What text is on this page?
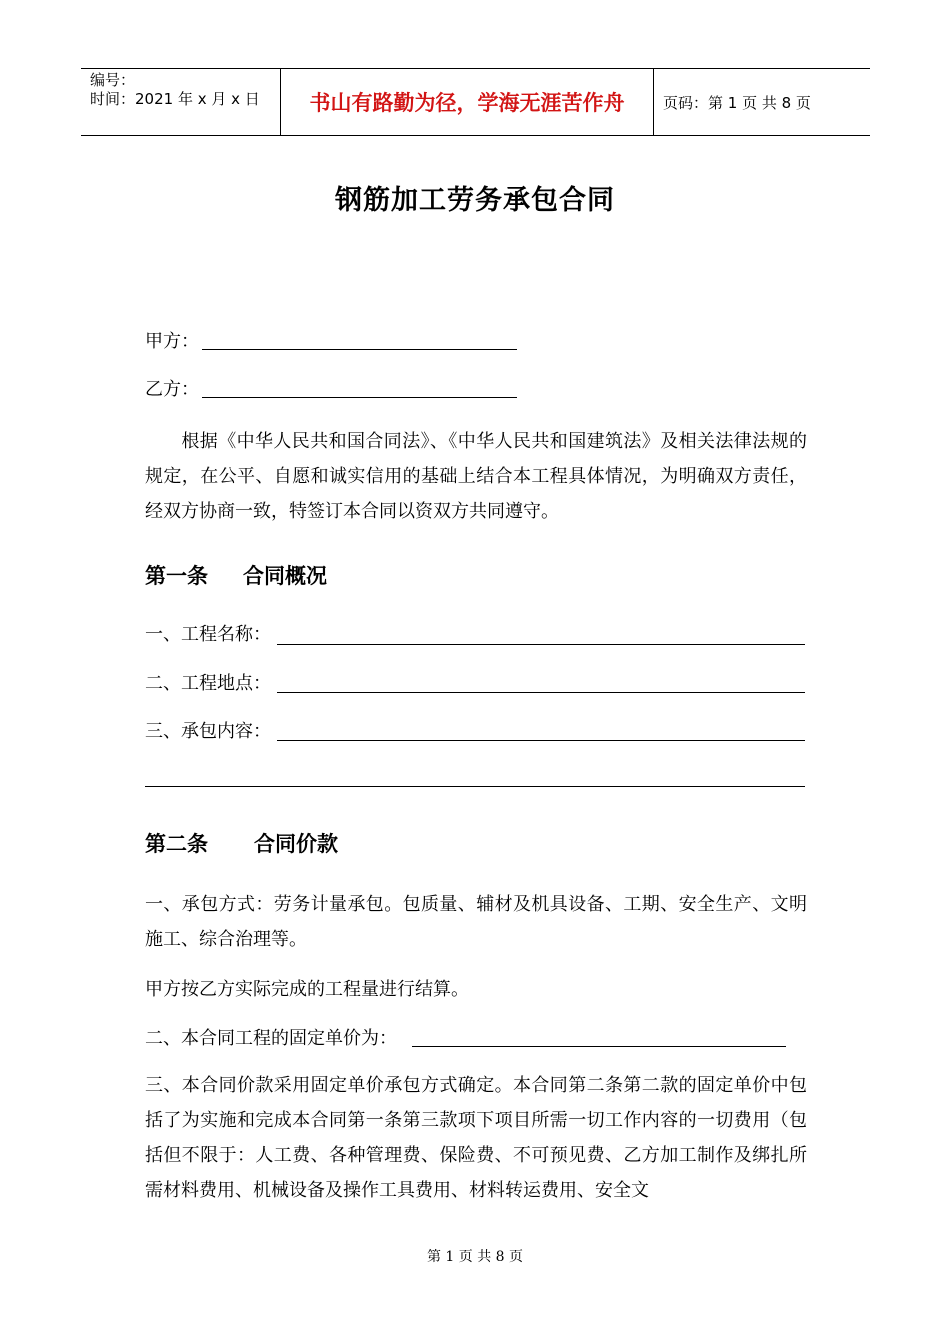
编号：
时间：2021 年 x 月 x 日	书山有路勤为径，学海无涯苦作舟	页码：第 1 页 共 8 页
钢筋加工劳务承包合同
甲方：
乙方：
根据《中华人民共和国合同法》、《中华人民共和国建筑法》及相关法律法规的规定，在公平、自愿和诚实信用的基础上结合本工程具体情况，为明确双方责任，经双方协商一致，特签订本合同以资双方共同遵守。
第一条 合同概况
一、工程名称：
二、工程地点：
三、承包内容：
第二条 合同价款
一、承包方式：劳务计量承包。包质量、辅材及机具设备、工期、安全生产、文明施工、综合治理等。
甲方按乙方实际完成的工程量进行结算。
二、本合同工程的固定单价为：
三、本合同价款采用固定单价承包方式确定。本合同第二条第二款的固定单价中包括了为实施和完成本合同第一条第三款项下项目所需一切工作内容的一切费用（包括但不限于：人工费、各种管理费、保险费、不可预见费、乙方加工制作及绑扎所需材料费用、机械设备及操作工具费用、材料转运费用、安全文
第 1 页 共 8 页
